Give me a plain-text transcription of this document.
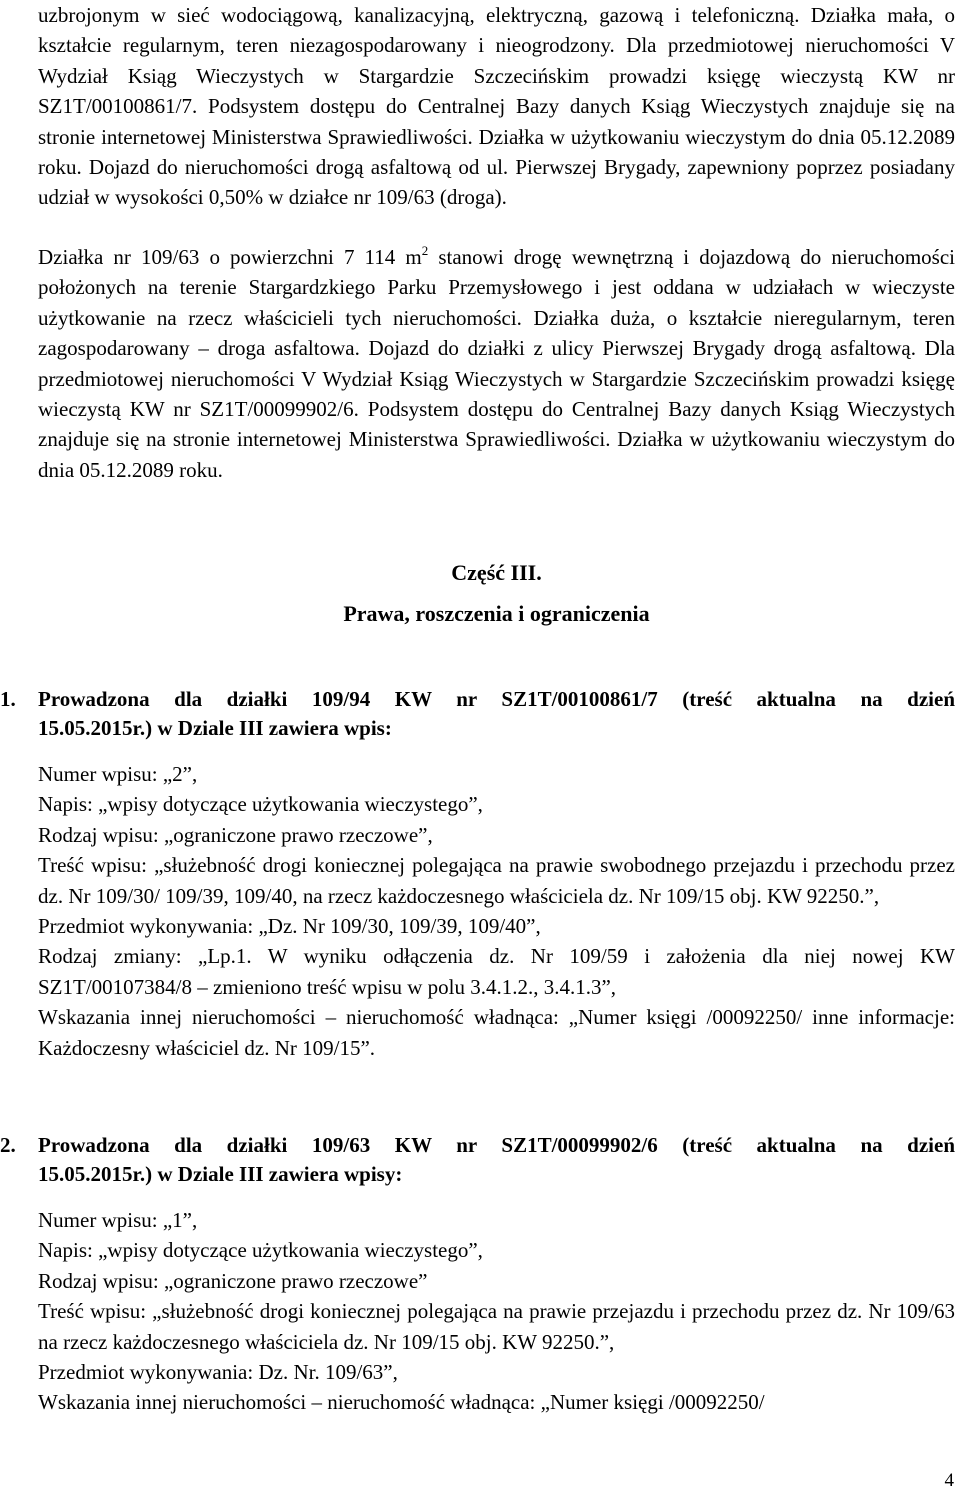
uzbrojonym w sieć wodociągową, kanalizacyjną, elektryczną, gazową i telefoniczną. Działka mała, o kształcie regularnym, teren niezagospodarowany i nieogrodzony. Dla przedmiotowej nieruchomości V Wydział Ksiąg Wieczystych w Stargardzie Szczecińskim prowadzi księgę wieczystą KW nr SZ1T/00100861/7. Podsystem dostępu do Centralnej Bazy danych Ksiąg Wieczystych znajduje się na stronie internetowej Ministerstwa Sprawiedliwości. Działka w użytkowaniu wieczystym do dnia 05.12.2089 roku. Dojazd do nieruchomości drogą asfaltową od ul. Pierwszej Brygady, zapewniony poprzez posiadany udział w wysokości 0,50% w działce nr 109/63 (droga).

Działka nr 109/63 o powierzchni 7 114 $m^2$ stanowi drogę wewnętrzną i dojazdową do nieruchomości położonych na terenie Stargardzkiego Parku Przemysłowego i jest oddana w udziałach w wieczyste użytkowanie na rzecz właścicieli tych nieruchomości. Działka duża, o kształcie nieregularnym, teren zagospodarowany – droga asfaltowa. Dojazd do działki z ulicy Pierwszej Brygady drogą asfaltową. Dla przedmiotowej nieruchomości V Wydział Ksiąg Wieczystych w Stargardzie Szczecińskim prowadzi księgę wieczystą KW nr SZ1T/00099902/6. Podsystem dostępu do Centralnej Bazy danych Ksiąg Wieczystych znajduje się na stronie internetowej Ministerstwa Sprawiedliwości. Działka w użytkowaniu wieczystym do dnia 05.12.2089 roku.

Część III.

Prawa, roszczenia i ograniczenia

1. Prowadzona dla działki 109/94 KW nr SZ1T/00100861/7 (treść aktualna na dzień
15.05.2015r.) w Dziale III zawiera wpis:

Numer wpisu: „2”,

Napis: „wpisy dotyczące użytkowania wieczystego”,

Rodzaj wpisu: „ograniczone prawo rzeczowe”,

Treść wpisu: „służebność drogi koniecznej polegająca na prawie swobodnego przejazdu i przechodu przez dz. Nr 109/30/ 109/39, 109/40, na rzecz każdoczesnego właściciela dz. Nr 109/15 obj. KW 92250.”,

Przedmiot wykonywania: „Dz. Nr 109/30, 109/39, 109/40”,

Rodzaj zmiany: „Lp.1. W wyniku odłączenia dz. Nr 109/59 i założenia dla niej nowej KW SZ1T/00107384/8 – zmieniono treść wpisu w polu 3.4.1.2., 3.4.1.3”,

Wskazania innej nieruchomości – nieruchomość władnąca: „Numer księgi /00092250/ inne informacje: Każdoczesny właściciel dz. Nr 109/15”.

2. Prowadzona dla działki 109/63 KW nr SZ1T/00099902/6 (treść aktualna na dzień
15.05.2015r.) w Dziale III zawiera wpisy:

Numer wpisu: „1”,

Napis: „wpisy dotyczące użytkowania wieczystego”,

Rodzaj wpisu: „ograniczone prawo rzeczowe”

Treść wpisu: „służebność drogi koniecznej polegająca na prawie przejazdu i przechodu przez dz. Nr 109/63 na rzecz każdoczesnego właściciela dz. Nr 109/15 obj. KW 92250.”,

Przedmiot wykonywania: Dz. Nr. 109/63”,

Wskazania innej nieruchomości – nieruchomość władnąca: „Numer księgi /00092250/

4
